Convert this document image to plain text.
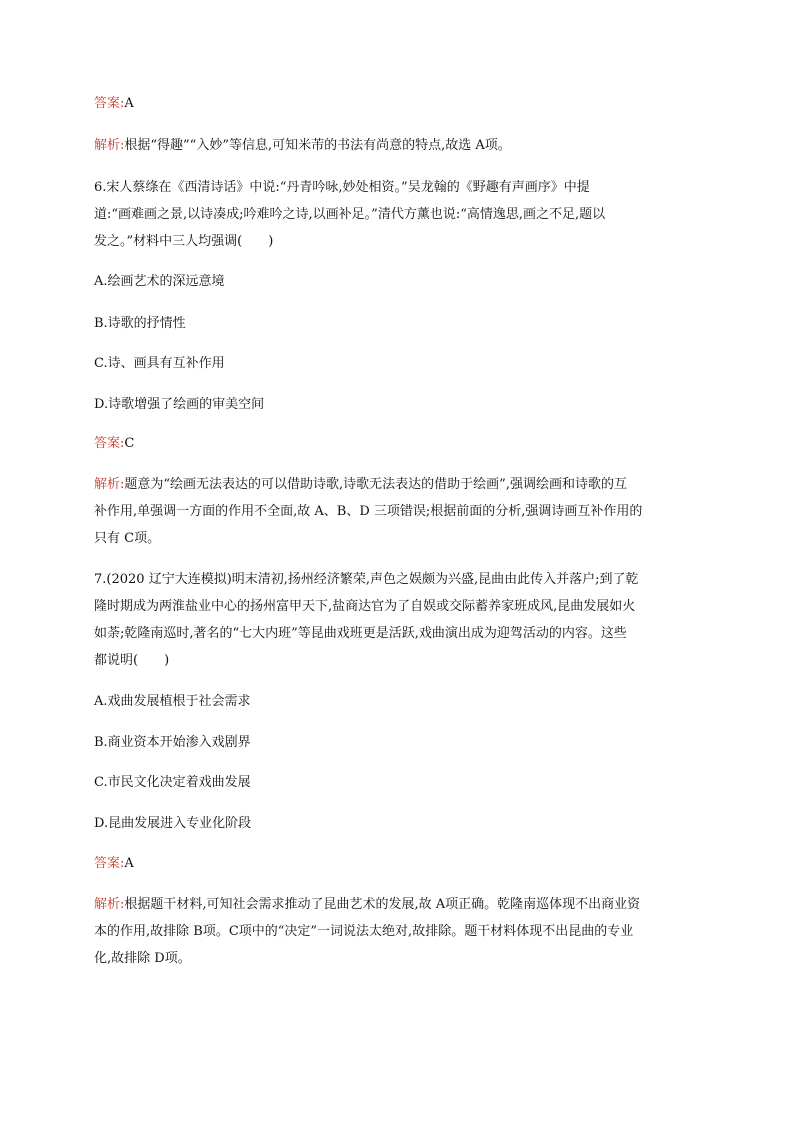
答案:A
解析:根据“得趣”“入妙”等信息,可知米芾的书法有尚意的特点,故选 A项。
6.宋人蔡绦在《西清诗话》中说:“丹青吟咏,妙处相资。”吴龙翰的《野趣有声画序》中提
道:“画难画之景,以诗凑成;吟难吟之诗,以画补足。”清代方薰也说:“高情逸思,画之不足,题以
发之。”材料中三人均强调(　　)
A.绘画艺术的深远意境
B.诗歌的抒情性
C.诗、画具有互补作用
D.诗歌增强了绘画的审美空间
答案:C
解析:题意为“绘画无法表达的可以借助诗歌,诗歌无法表达的借助于绘画”,强调绘画和诗歌的互
补作用,单强调一方面的作用不全面,故 A、B、D 三项错误;根据前面的分析,强调诗画互补作用的
只有 C项。
7.(2020 辽宁大连模拟)明末清初,扬州经济繁荣,声色之娱颇为兴盛,昆曲由此传入并落户;到了乾
隆时期成为两淮盐业中心的扬州富甲天下,盐商达官为了自娱或交际蓄养家班成风,昆曲发展如火
如荼;乾隆南巡时,著名的“七大内班”等昆曲戏班更是活跃,戏曲演出成为迎驾活动的内容。这些
都说明(　　)
A.戏曲发展植根于社会需求
B.商业资本开始渗入戏剧界
C.市民文化决定着戏曲发展
D.昆曲发展进入专业化阶段
答案:A
解析:根据题干材料,可知社会需求推动了昆曲艺术的发展,故 A项正确。乾隆南巡体现不出商业资
本的作用,故排除 B项。C项中的“决定”一词说法太绝对,故排除。题干材料体现不出昆曲的专业
化,故排除 D项。
